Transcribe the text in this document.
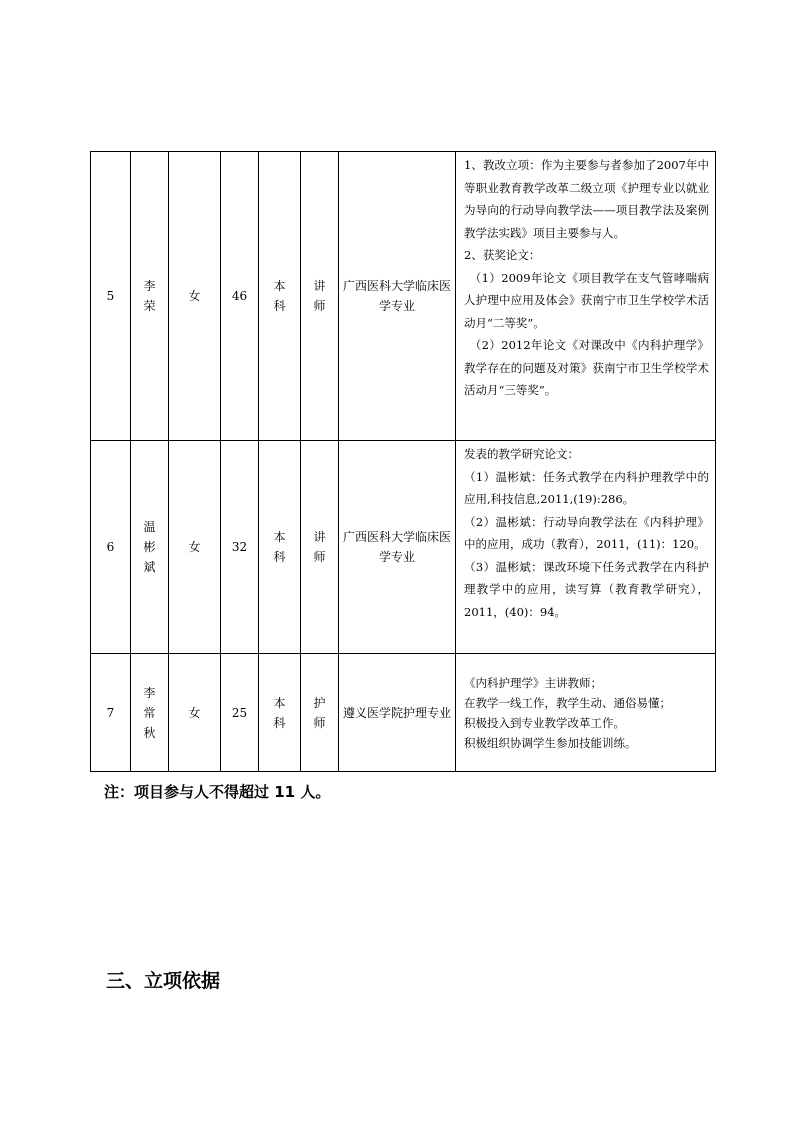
5	李荣	女	46	本科	讲师	广西医科大学临床医学专业	1、教改立项：作为主要参与者参加了2007年中等职业教育教学改革二级立项《护理专业以就业为导向的行动导向教学法——项目教学法及案例教学法实践》项目主要参与人。

2、获奖论文：

（1）2009年论文《项目教学在支气管哮喘病人护理中应用及体会》获南宁市卫生学校学术活动月“二等奖”。

（2）2012年论文《对课改中《内科护理学》教学存在的问题及对策》获南宁市卫生学校学术活动月“三等奖”。

6	温彬斌	女	32	本科	讲师	广西医科大学临床医学专业	发表的教学研究论文：

（1）温彬斌：任务式教学在内科护理教学中的应用,科技信息,2011,(19):286。

（2）温彬斌：行动导向教学法在《内科护理》中的应用，成功（教育），2011，(11)：120。

（3）温彬斌：课改环境下任务式教学在内科护理教学中的应用，读写算（教育教学研究），2011，(40)：94。

7	李常秋	女	25	本科	护师	遵义医学院护理专业	《内科护理学》主讲教师；

在教学一线工作，教学生动、通俗易懂；

积极投入到专业教学改革工作。

积极组织协调学生参加技能训练。

注：项目参与人不得超过 11 人。
三、立项依据
